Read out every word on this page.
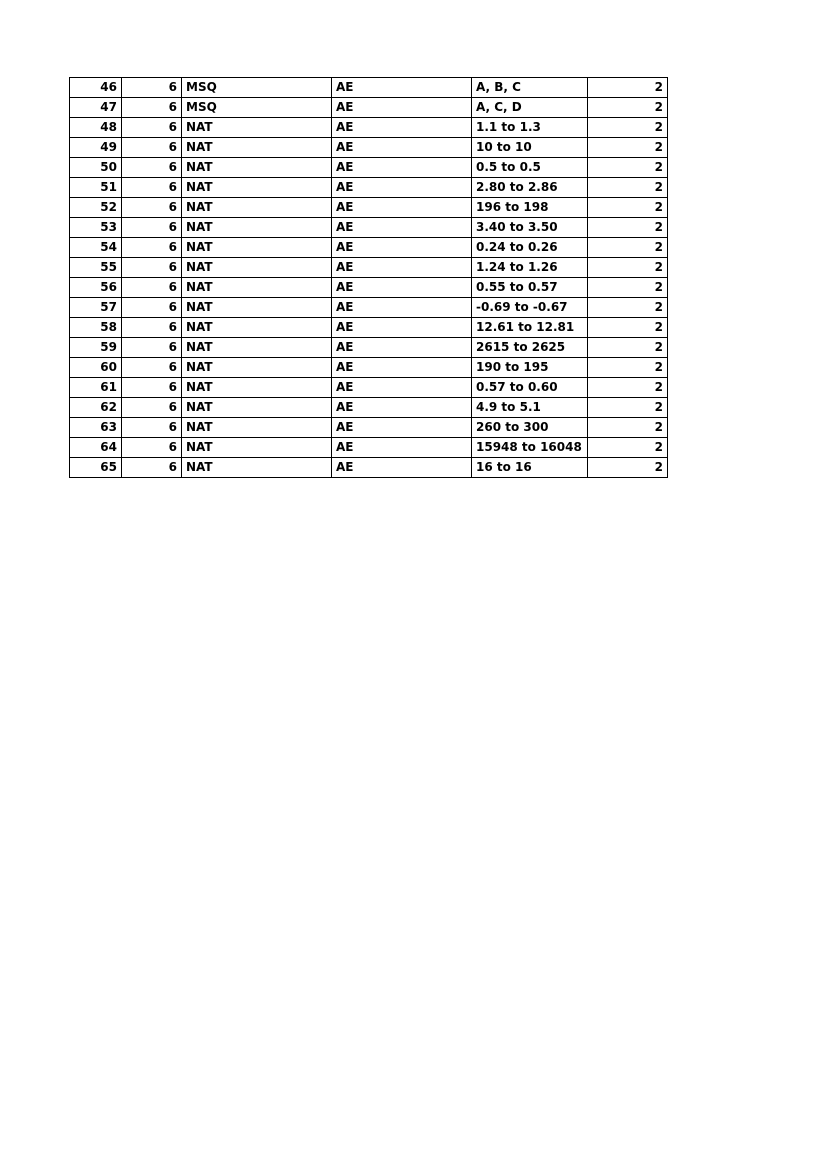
46	6	MSQ	AE	A, B, C	2
47	6	MSQ	AE	A, C, D	2
48	6	NAT	AE	1.1 to 1.3	2
49	6	NAT	AE	10 to 10	2
50	6	NAT	AE	0.5 to 0.5	2
51	6	NAT	AE	2.80 to 2.86	2
52	6	NAT	AE	196 to 198	2
53	6	NAT	AE	3.40 to 3.50	2
54	6	NAT	AE	0.24 to 0.26	2
55	6	NAT	AE	1.24 to 1.26	2
56	6	NAT	AE	0.55 to 0.57	2
57	6	NAT	AE	-0.69 to -0.67	2
58	6	NAT	AE	12.61 to 12.81	2
59	6	NAT	AE	2615 to 2625	2
60	6	NAT	AE	190 to 195	2
61	6	NAT	AE	0.57 to 0.60	2
62	6	NAT	AE	4.9 to 5.1	2
63	6	NAT	AE	260 to 300	2
64	6	NAT	AE	15948 to 16048	2
65	6	NAT	AE	16 to 16	2
